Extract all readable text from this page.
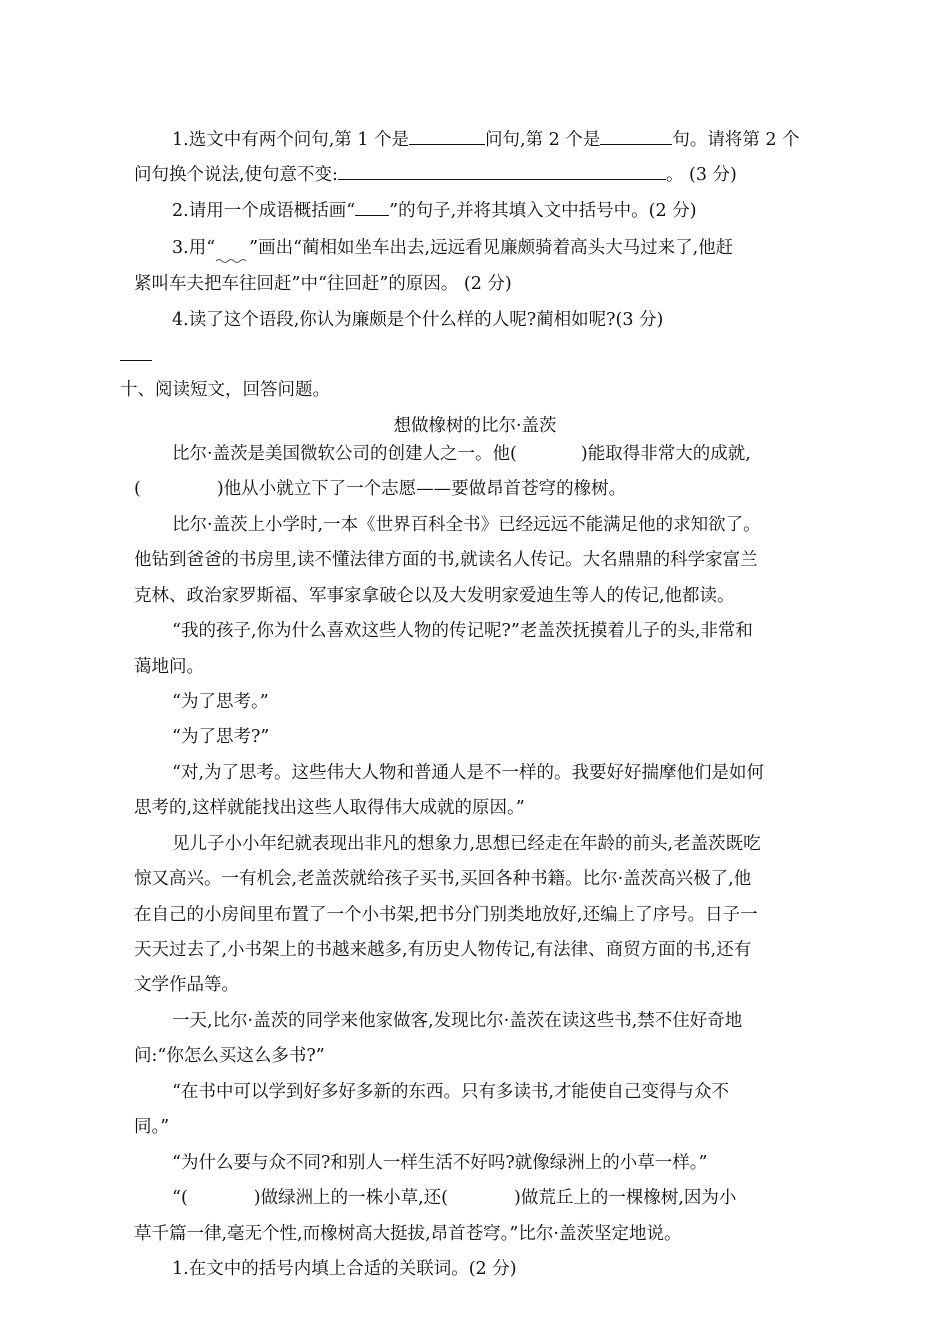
1.选文中有两个问句,第 1 个是	问句,第 2 个是	句。请将第 2 个
问句换个说法,使句意不变:	。 (3 分)
2.请用一个成语概括画“ ”的句子,并将其填入文中括号中。(2 分)
3.用“ ”画出“蔺相如坐车出去,远远看见廉颇骑着高头大马过来了,他赶
紧叫车夫把车往回赶”中“往回赶”的原因。 (2 分)
4.读了这个语段,你认为廉颇是个什么样的人呢?蔺相如呢?(3 分)
十、阅读短文，回答问题。
想做橡树的比尔·盖茨
比尔·盖茨是美国微软公司的创建人之一。他(	)能取得非常大的成就,
(	)他从小就立下了一个志愿——要做昂首苍穹的橡树。
比尔·盖茨上小学时,一本《世界百科全书》已经远远不能满足他的求知欲了。
他钻到爸爸的书房里,读不懂法律方面的书,就读名人传记。大名鼎鼎的科学家富兰
克林、政治家罗斯福、军事家拿破仑以及大发明家爱迪生等人的传记,他都读。
“我的孩子,你为什么喜欢这些人物的传记呢?”老盖茨抚摸着儿子的头,非常和
蔼地问。
“为了思考。”
“为了思考?”
“对,为了思考。这些伟大人物和普通人是不一样的。我要好好揣摩他们是如何
思考的,这样就能找出这些人取得伟大成就的原因。”
见儿子小小年纪就表现出非凡的想象力,思想已经走在年龄的前头,老盖茨既吃
惊又高兴。一有机会,老盖茨就给孩子买书,买回各种书籍。比尔·盖茨高兴极了,他
在自己的小房间里布置了一个小书架,把书分门别类地放好,还编上了序号。日子一
天天过去了,小书架上的书越来越多,有历史人物传记,有法律、商贸方面的书,还有
文学作品等。
一天,比尔·盖茨的同学来他家做客,发现比尔·盖茨在读这些书,禁不住好奇地
问:“你怎么买这么多书?”
“在书中可以学到好多好多新的东西。只有多读书,才能使自己变得与众不
同。”
“为什么要与众不同?和别人一样生活不好吗?就像绿洲上的小草一样。”
“(	)做绿洲上的一株小草,还(	)做荒丘上的一棵橡树,因为小
草千篇一律,毫无个性,而橡树高大挺拔,昂首苍穹。”比尔·盖茨坚定地说。
1.在文中的括号内填上合适的关联词。(2 分)
